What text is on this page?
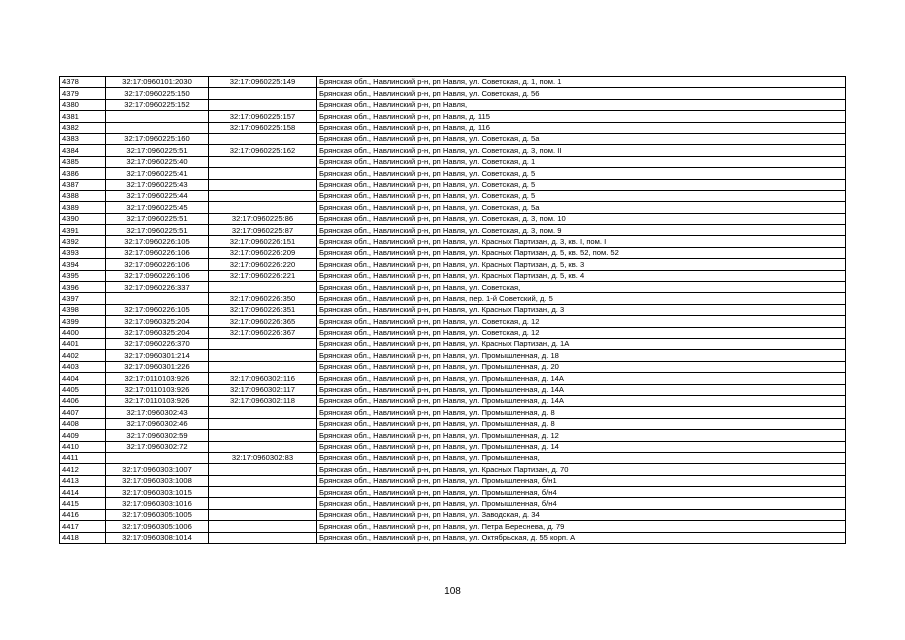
4378	32:17:0960101:2030	32:17:0960225:149	Брянская обл., Навлинский р-н, рп Навля, ул. Советская, д. 1, пом. 1
4379	32:17:0960225:150		Брянская обл., Навлинский р-н, рп Навля, ул. Советская, д. 56
4380	32:17:0960225:152		Брянская обл., Навлинский р-н, рп Навля,
4381		32:17:0960225:157	Брянская обл., Навлинский р-н, рп Навля, д. 115
4382		32:17:0960225:158	Брянская обл., Навлинский р-н, рп Навля, д. 116
4383	32:17:0960225:160		Брянская обл., Навлинский р-н, рп Навля, ул. Советская, д. 5а
4384	32:17:0960225:51	32:17:0960225:162	Брянская обл., Навлинский р-н, рп Навля, ул. Советская, д. 3, пом. II
4385	32:17:0960225:40		Брянская обл., Навлинский р-н, рп Навля, ул. Советская, д. 1
4386	32:17:0960225:41		Брянская обл., Навлинский р-н, рп Навля, ул. Советская, д. 5
4387	32:17:0960225:43		Брянская обл., Навлинский р-н, рп Навля, ул. Советская, д. 5
4388	32:17:0960225:44		Брянская обл., Навлинский р-н, рп Навля, ул. Советская, д. 5
4389	32:17:0960225:45		Брянская обл., Навлинский р-н, рп Навля, ул. Советская, д. 5а
4390	32:17:0960225:51	32:17:0960225:86	Брянская обл., Навлинский р-н, рп Навля, ул. Советская, д. 3, пом. 10
4391	32:17:0960225:51	32:17:0960225:87	Брянская обл., Навлинский р-н, рп Навля, ул. Советская, д. 3, пом. 9
4392	32:17:0960226:105	32:17:0960226:151	Брянская обл., Навлинский р-н, рп Навля, ул. Красных Партизан, д. 3, кв. I, пом. I
4393	32:17:0960226:106	32:17:0960226:209	Брянская обл., Навлинский р-н, рп Навля, ул. Красных Партизан, д. 5, кв. 52, пом. 52
4394	32:17:0960226:106	32:17:0960226:220	Брянская обл., Навлинский р-н, рп Навля, ул. Красных Партизан, д. 5, кв. 3
4395	32:17:0960226:106	32:17:0960226:221	Брянская обл., Навлинский р-н, рп Навля, ул. Красных Партизан, д. 5, кв. 4
4396	32:17:0960226:337		Брянская обл., Навлинский р-н, рп Навля, ул. Советская,
4397		32:17:0960226:350	Брянская обл., Навлинский р-н, рп Навля, пер. 1-й Советский, д. 5
4398	32:17:0960226:105	32:17:0960226:351	Брянская обл., Навлинский р-н, рп Навля, ул. Красных Партизан, д. 3
4399	32:17:0960325:204	32:17:0960226:365	Брянская обл., Навлинский р-н, рп Навля, ул. Советская, д. 12
4400	32:17:0960325:204	32:17:0960226:367	Брянская обл., Навлинский р-н, рп Навля, ул. Советская, д. 12
4401	32:17:0960226:370		Брянская обл., Навлинский р-н, рп Навля, ул. Красных Партизан, д. 1А
4402	32:17:0960301:214		Брянская обл., Навлинский р-н, рп Навля, ул. Промышленная, д. 18
4403	32:17:0960301:226		Брянская обл., Навлинский р-н, рп Навля, ул. Промышленная, д. 20
4404	32:17:0110103:926	32:17:0960302:116	Брянская обл., Навлинский р-н, рп Навля, ул. Промышленная, д. 14А
4405	32:17:0110103:926	32:17:0960302:117	Брянская обл., Навлинский р-н, рп Навля, ул. Промышленная, д. 14А
4406	32:17:0110103:926	32:17:0960302:118	Брянская обл., Навлинский р-н, рп Навля, ул. Промышленная, д. 14А
4407	32:17:0960302:43		Брянская обл., Навлинский р-н, рп Навля, ул. Промышленная, д. 8
4408	32:17:0960302:46		Брянская обл., Навлинский р-н, рп Навля, ул. Промышленная, д. 8
4409	32:17:0960302:59		Брянская обл., Навлинский р-н, рп Навля, ул. Промышленная, д. 12
4410	32:17:0960302:72		Брянская обл., Навлинский р-н, рп Навля, ул. Промышленная, д. 14
4411		32:17:0960302:83	Брянская обл., Навлинский р-н, рп Навля, ул. Промышленная,
4412	32:17:0960303:1007		Брянская обл., Навлинский р-н, рп Навля, ул. Красных Партизан, д. 70
4413	32:17:0960303:1008		Брянская обл., Навлинский р-н, рп Навля, ул. Промышленная, б/н1
4414	32:17:0960303:1015		Брянская обл., Навлинский р-н, рп Навля, ул. Промышленная, б/н4
4415	32:17:0960303:1016		Брянская обл., Навлинский р-н, рп Навля, ул. Промышленная, б/н4
4416	32:17:0960305:1005		Брянская обл., Навлинский р-н, рп Навля, ул. Заводская, д. 34
4417	32:17:0960305:1006		Брянская обл., Навлинский р-н, рп Навля, ул. Петра Береснева, д. 79
4418	32:17:0960308:1014		Брянская обл., Навлинский р-н, рп Навля, ул. Октябрьская, д. 55 корп. А
108
